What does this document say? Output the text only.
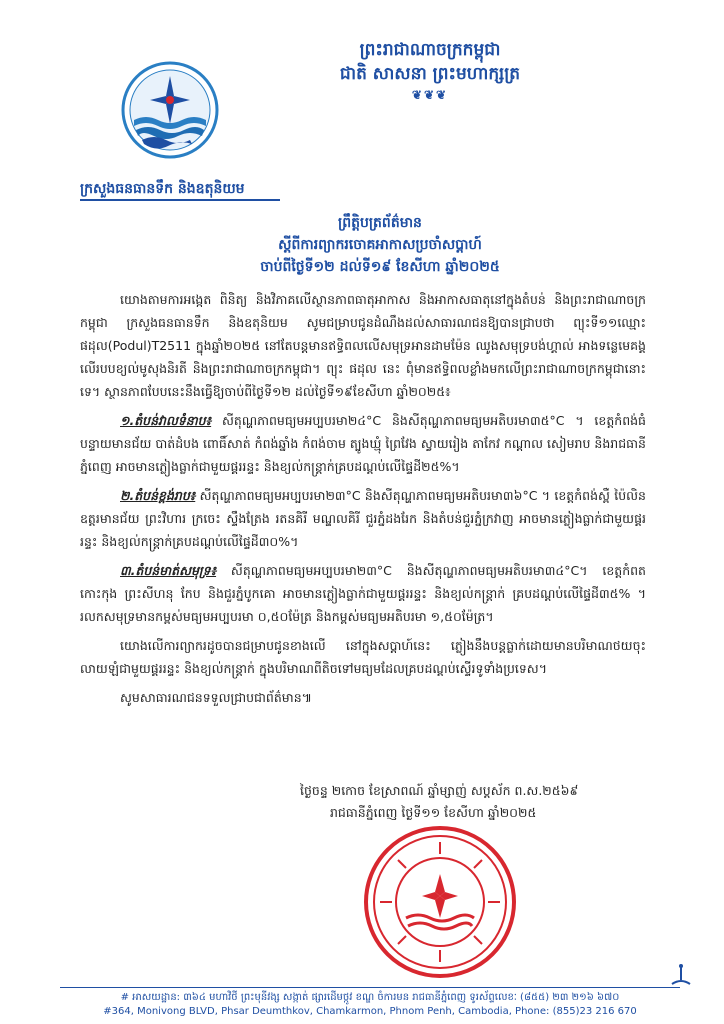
ព្រះរាជាណាចក្រកម្ពុជា
ជាតិ សាសនា ព្រះមហាក្សត្រ
❦❦❦
ក្រសួងធនធានទឹក និងឧតុនិយម
ព្រឹត្តិបត្រព័ត៌មាន
ស្តីពីការព្យាករចោគអាកាសប្រចាំសប្តាហ៍
ចាប់ពីថ្ងៃទី១២ ដល់ទី១៩ ខែសីហា ឆ្នាំ២០២៥

យោងតាមការអង្កេត ពិនិត្យ និងវិភាគលើស្ថានភាពធាតុអាកាស និងអាកាសធាតុនៅក្នុងតំបន់ និងព្រះរាជាណាចក្រកម្ពុជា ក្រសួងធនធានទឹក និងឧតុនិយម សូមជម្រាបជូនដំណឹងដល់សាធារណជនឱ្យបានជ្រាបថា ព្យុះទី១១ឈ្មោះ ផដុល(Podul)T2511 ក្នុងឆ្នាំ២០២៥ នៅតែបន្តមានឥទ្ធិពលលើសមុទ្រអានដាមម៉ែន ឈូងសមុទ្របង់ហ្គាល់ អាងទន្លេមេគង្គ លើរបបខ្យល់មូសុងនិរតី និងព្រះរាជាណាចក្រកម្ពុជា។ ព្យុះ ផដុល នេះ ពុំមានឥទ្ធិពលខ្លាំងមកលើព្រះរាជាណាចក្រកម្ពុជានោះទេ។ ស្ថានភាពបែបនេះនឹងធ្វើឱ្យចាប់ពីថ្ងៃទី១២ ដល់ថ្ងៃទី១៩ខែសីហា ឆ្នាំ២០២៥៖

១.តំបន់វាលទំនាប៖ សីតុណ្ហភាពមធ្យមអប្បបរមា២៤°C និងសីតុណ្ហភាពមធ្យមអតិបរមា៣៥°C ។ ខេត្តកំពង់ធំ បន្ទាយមានជ័យ បាត់ដំបង ពោធិ៍សាត់ កំពង់ឆ្នាំង កំពង់ចាម ត្បូងឃ្មុំ ព្រៃវែង ស្វាយរៀង តាកែវ កណ្តាល សៀមរាប និងរាជធានីភ្នំពេញ អាចមានភ្លៀងធ្លាក់ជាមួយផ្គររន្ទះ និងខ្យល់កន្ត្រាក់គ្របដណ្តប់លើផ្ទៃដី២៥%។

២.តំបន់ខ្ពង់រាប៖ សីតុណ្ហភាពមធ្យមអប្បបរមា២៣°C និងសីតុណ្ហភាពមធ្យមអតិបរមា៣៦°C ។ ខេត្តកំពង់ស្ពឺ ប៉ៃលិន ឧត្តរមានជ័យ ព្រះវិហារ ក្រចេះ ស្ទឹងត្រែង រតនគិរី មណ្ឌលគិរី ជួរភ្នំដងរែក និងតំបន់ជួរភ្នំក្រវាញ អាចមានភ្លៀងធ្លាក់ជាមួយផ្គររន្ទះ និងខ្យល់កន្ត្រាក់គ្របដណ្តប់លើផ្ទៃដី៣០%។

៣.តំបន់មាត់សមុទ្រ៖ សីតុណ្ហភាពមធ្យមអប្បបរមា២៣°C និងសីតុណ្ហភាពមធ្យមអតិបរមា៣៤°C។ ខេត្តកំពត កោះកុង ព្រះសីហនុ កែប និងជួរភ្នំបូកគោ អាចមានភ្លៀងធ្លាក់ជាមួយផ្គររន្ទះ និងខ្យល់កន្ត្រាក់ គ្របដណ្តប់លើផ្ទៃដី៣៥% ។ រលកសមុទ្រមានកម្ពស់មធ្យមអប្បបរមា ០,៥០ម៉ែត្រ និងកម្ពស់មធ្យមអតិបរមា ១,៥០ម៉ែត្រ។

យោងលើការព្យាករដូចបានជម្រាបជូនខាងលើ នៅក្នុងសប្តាហ៍នេះ ភ្លៀងនឹងបន្តធ្លាក់ដោយមានបរិមាណថយចុះលាយឡំជាមួយផ្គររន្ទះ និងខ្យល់កន្ត្រាក់ ក្នុងបរិមាណពីតិចទៅមធ្យមដែលគ្របដណ្តប់ស្ទើរទូទាំងប្រទេស។

សូមសាធារណជនទទួលជ្រាបជាព័ត៌មាន៕

ថ្ងៃចន្ទ ២កោច ខែស្រាពណ៍ ឆ្នាំម្សាញ់ សប្តស័ក ព.ស.២៥៦៩
រាជធានីភ្នំពេញ ថ្ងៃទី១១ ខែសីហា ឆ្នាំ២០២៥
# អាសយដ្ឋាន: ៣៦៤ មហាវិថី ព្រះមុនីវង្ស សង្កាត់ ផ្សារដើមថ្កូវ ខណ្ឌ ចំការមន រាជធានីភ្នំពេញ ទូរស័ព្ទលេខៈ (៨៥៥) ២៣ ២១៦ ៦៧០
#364, Monivong BLVD, Phsar Deumthkov, Chamkarmon, Phnom Penh, Cambodia, Phone: (855)23 216 670
